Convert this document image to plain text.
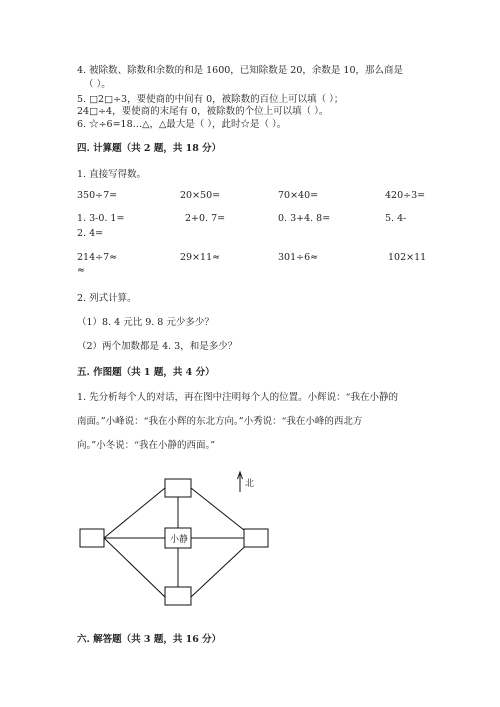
4. 被除数、除数和余数的和是 1600，已知除数是 20，余数是 10，那么商是
（ ）。
5. □2□÷3，要使商的中间有 0，被除数的百位上可以填（ ）；
24□÷4，要使商的末尾有 0，被除数的个位上可以填（ ）。
6. ☆÷6=18…△，△最大是（ ），此时☆是（ ）。
四. 计算题（共 2 题，共 18 分）
1. 直接写得数。
350÷7=	20×50=	70×40=	420÷3=
1. 3-0. 1=	2+0. 7=	0. 3+4. 8=	5. 4-
2. 4=
214÷7≈	29×11≈	301÷6≈	102×11
≈
2. 列式计算。
（1）8. 4 元比 9. 8 元少多少？
（2）两个加数都是 4. 3，和是多少？
五. 作图题（共 1 题，共 4 分）
1. 先分析每个人的对话，再在图中注明每个人的位置。小辉说：“我在小静的
南面。”小峰说：“我在小辉的东北方向。”小秀说：“我在小峰的西北方
向。”小冬说：“我在小静的西面。”
小静
北
六. 解答题（共 3 题，共 16 分）
